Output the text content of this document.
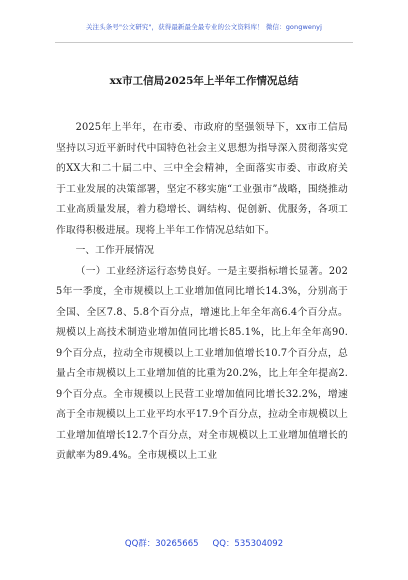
关注头条号"公文研究"，获得最新最全最专业的公文资料库！ 微信：gongwenyj
xx市工信局2025年上半年工作情况总结

2025年上半年，在市委、市政府的坚强领导下，xx市工信局坚持以习近平新时代中国特色社会主义思想为指导深入贯彻落实党的XX大和二十届二中、三中全会精神，全面落实市委、市政府关于工业发展的决策部署，坚定不移实施“工业强市”战略，围绕推动工业高质量发展，着力稳增长、调结构、促创新、优服务，各项工作取得积极进展。现将上半年工作情况总结如下。

一、工作开展情况

（一）工业经济运行态势良好。一是主要指标增长显著。2025年一季度，全市规模以上工业增加值同比增长14.3%，分别高于全国、全区7.8、5.8个百分点，增速比上年全年高6.4个百分点。规模以上高技术制造业增加值同比增长85.1%，比上年全年高90.9个百分点，拉动全市规模以上工业增加值增长10.7个百分点，总量占全市规模以上工业增加值的比重为20.2%，比上年全年提高2.9个百分点。全市规模以上民营工业增加值同比增长32.2%，增速高于全市规模以上工业平均水平17.9个百分点，拉动全市规模以上工业增加值增长12.7个百分点，对全市规模以上工业增加值增长的贡献率为89.4%。全市规模以上工业

QQ群：30265665 QQ：535304092
